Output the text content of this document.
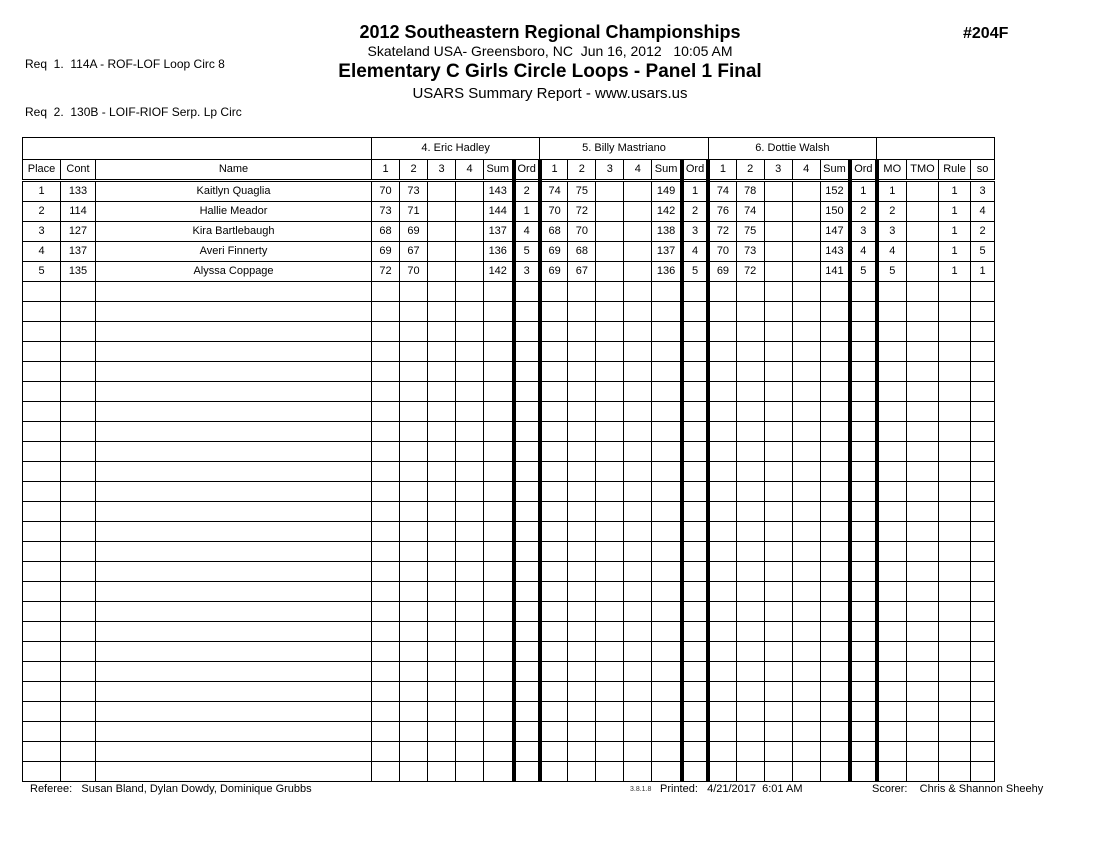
Req  1.  114A - ROF-LOF Loop Circ 8

Req  2.  130B - LOIF-RIOF Serp. Lp Circ

2012 Southeastern Regional Championships
Skateland USA- Greensboro, NC  Jun 16, 2012   10:05 AM
Elementary C Girls Circle Loops - Panel 1 Final
USARS Summary Report - www.usars.us
#204F
			4. Eric Hadley						5. Billy Mastriano						6. Dottie Walsh									
Place	Cont	Name	1	2	3	4	Sum	Ord	1	2	3	4	Sum	Ord	1	2	3	4	Sum	Ord	MO	TMO	Rule	so
1	133	Kaitlyn Quaglia	70	73			143	2	74	75			149	1	74	78			152	1	1		1	3
2	114	Hallie Meador	73	71			144	1	70	72			142	2	76	74			150	2	2		1	4
3	127	Kira Bartlebaugh	68	69			137	4	68	70			138	3	72	75			147	3	3		1	2
4	137	Averi Finnerty	69	67			136	5	69	68			137	4	70	73			143	4	4		1	5
5	135	Alyssa Coppage	72	70			142	3	69	67			136	5	69	72			141	5	5		1	1

Referee:   Susan Bland, Dylan Dowdy, Dominique Grubbs	3.8.1.8 Printed:   4/21/2017  6:01 AM	Scorer:    Chris & Shannon Sheehy
